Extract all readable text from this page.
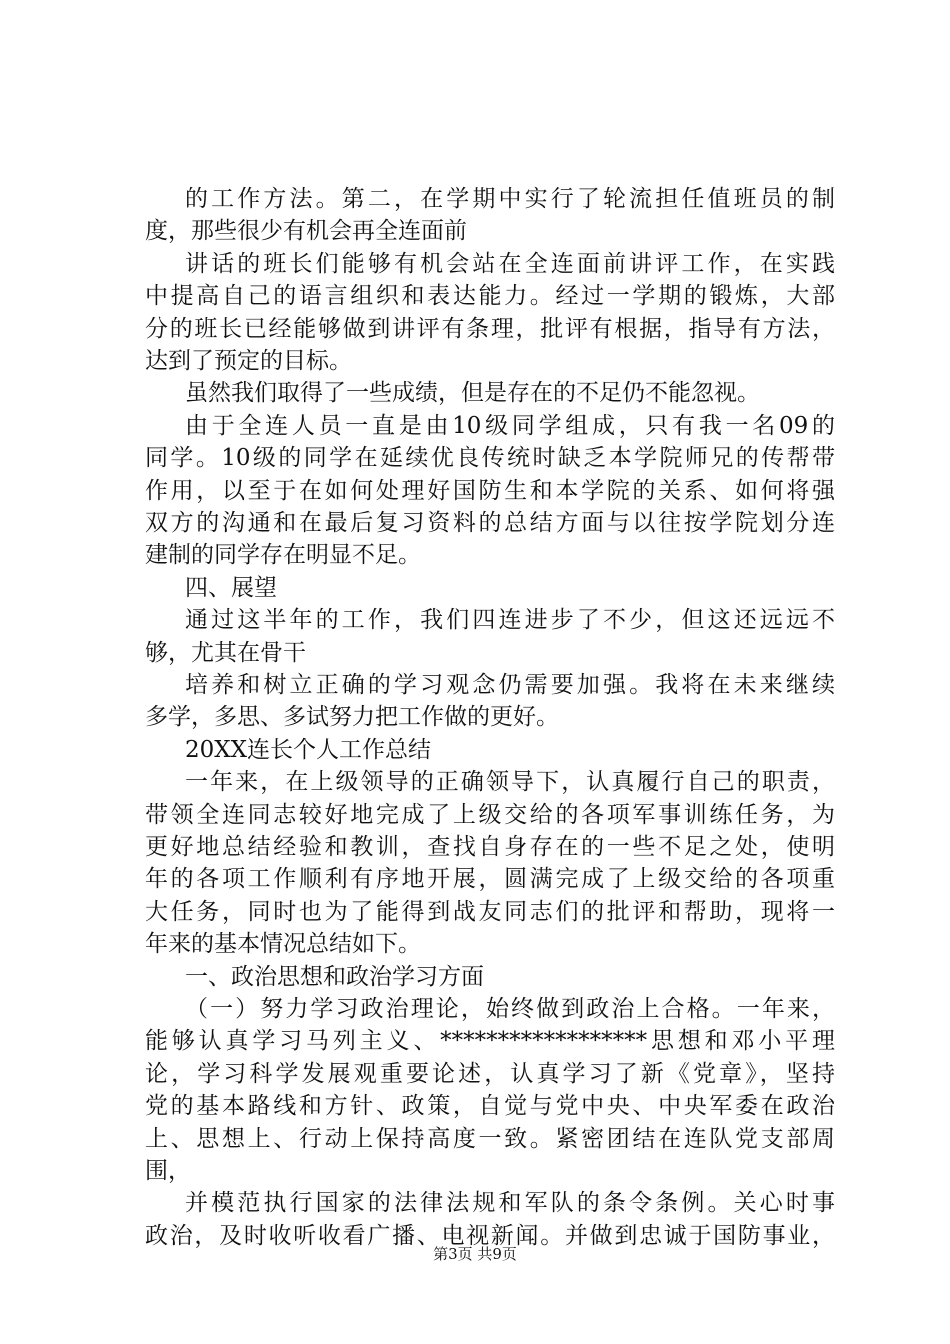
的工作方法。第二，在学期中实行了轮流担任值班员的制
度，那些很少有机会再全连面前
讲话的班长们能够有机会站在全连面前讲评工作，在实践
中提高自己的语言组织和表达能力。经过一学期的锻炼，大部
分的班长已经能够做到讲评有条理，批评有根据，指导有方法，
达到了预定的目标。
虽然我们取得了一些成绩，但是存在的不足仍不能忽视。
由于全连人员一直是由10级同学组成，只有我一名09的
同学。10级的同学在延续优良传统时缺乏本学院师兄的传帮带
作用，以至于在如何处理好国防生和本学院的关系、如何将强
双方的沟通和在最后复习资料的总结方面与以往按学院划分连
建制的同学存在明显不足。
四、展望
通过这半年的工作，我们四连进步了不少，但这还远远不
够，尤其在骨干
培养和树立正确的学习观念仍需要加强。我将在未来继续
多学，多思、多试努力把工作做的更好。
20XX连长个人工作总结
一年来，在上级领导的正确领导下，认真履行自己的职责，
带领全连同志较好地完成了上级交给的各项军事训练任务，为
更好地总结经验和教训，查找自身存在的一些不足之处，使明
年的各项工作顺利有序地开展，圆满完成了上级交给的各项重
大任务，同时也为了能得到战友同志们的批评和帮助，现将一
年来的基本情况总结如下。
一、政治思想和政治学习方面
（一）努力学习政治理论，始终做到政治上合格。一年来，
能够认真学习马列主义、******************思想和邓小平理
论，学习科学发展观重要论述，认真学习了新《党章》，坚持
党的基本路线和方针、政策，自觉与党中央、中央军委在政治
上、思想上、行动上保持高度一致。紧密团结在连队党支部周
围，
并模范执行国家的法律法规和军队的条令条例。关心时事
政治，及时收听收看广播、电视新闻。并做到忠诚于国防事业，
第3页 共9页
